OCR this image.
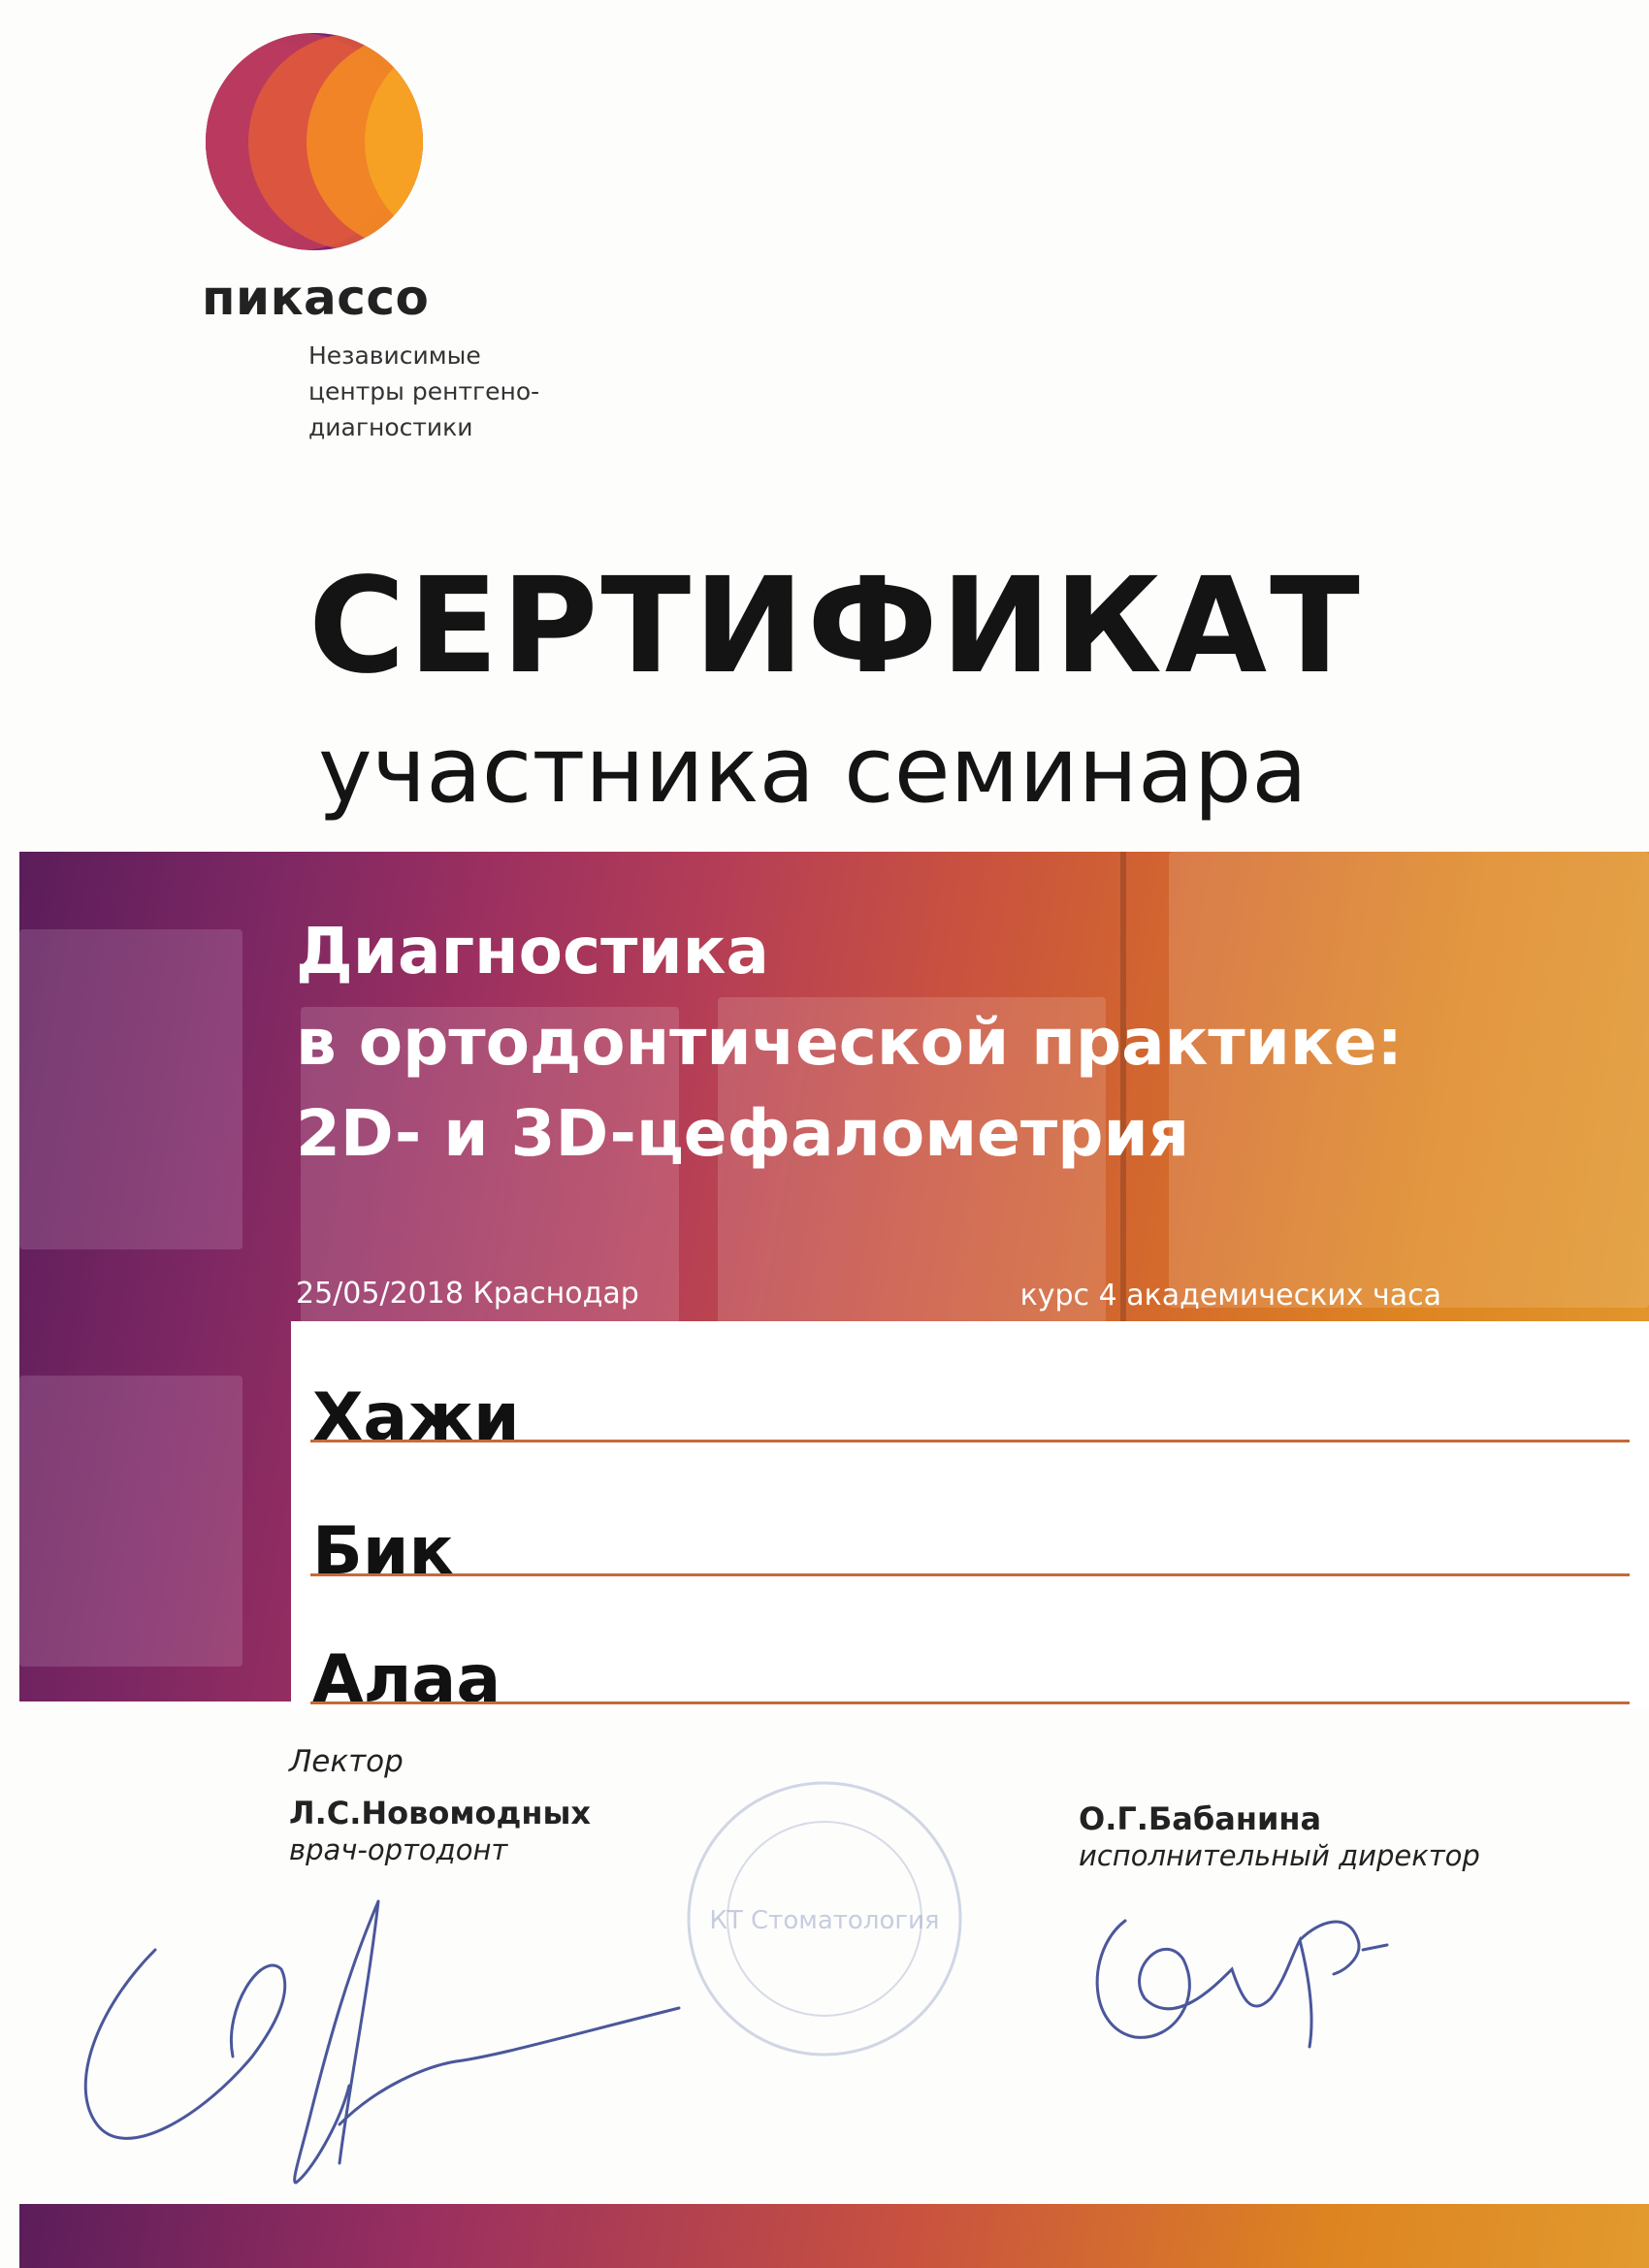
пикассо
Независимые
центры рентгено-
диагностики
СЕРТИФИКАТ
участника семинара
Диагностика
в ортодонтической практике:
2D- и 3D-цефалометрия
25/05/2018 Краснодар	курс 4 академических часа
Хажи
Бик
Алаа
Лектор
Л.С.Новомодных
врач-ортодонт
О.Г.Бабанина
исполнительный директор
КТ Стоматология
